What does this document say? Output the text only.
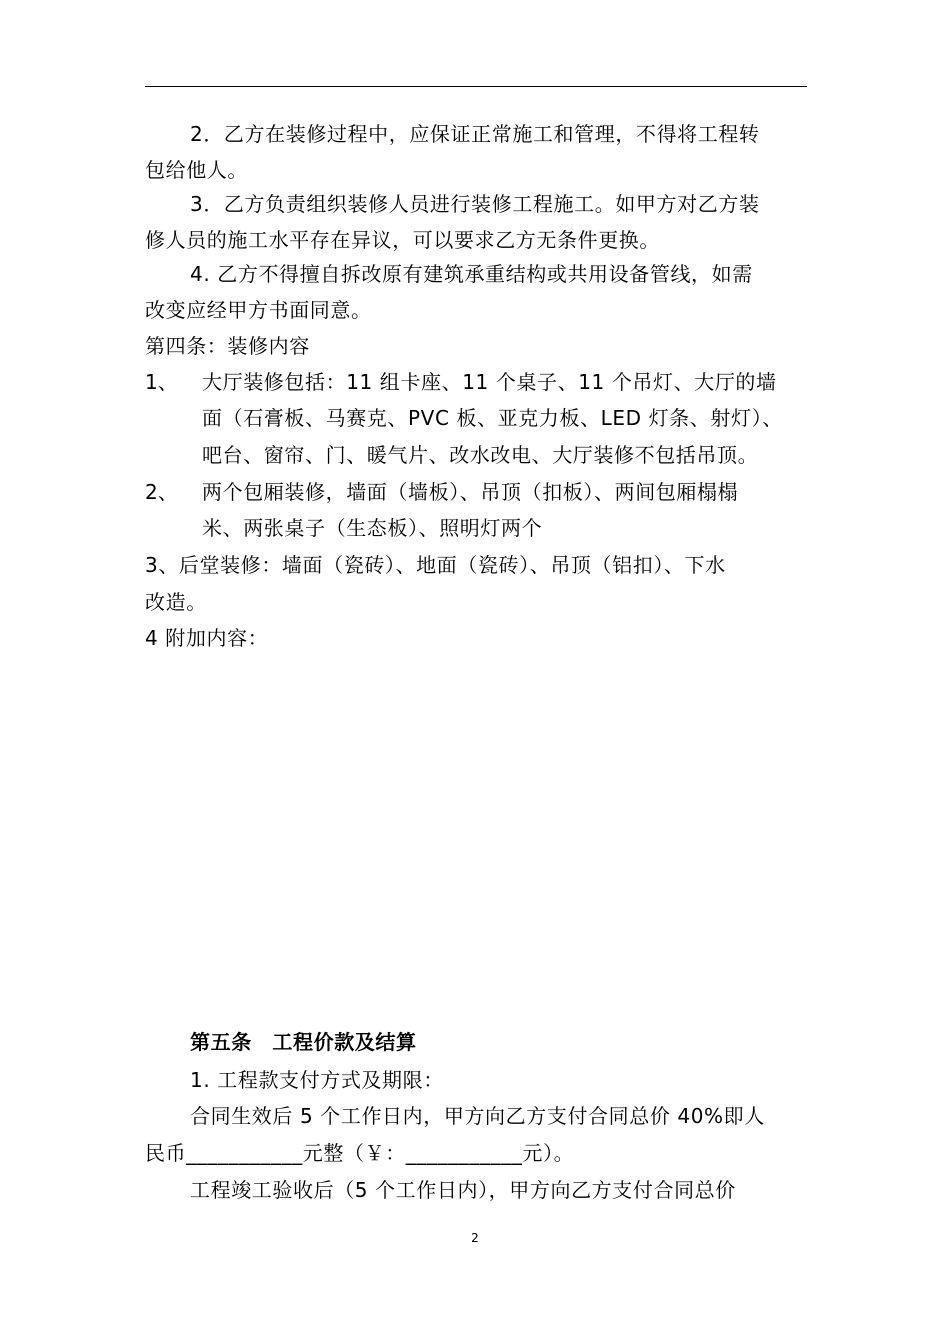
2．乙方在装修过程中，应保证正常施工和管理，不得将工程转
包给他人。
3．乙方负责组织装修人员进行装修工程施工。如甲方对乙方装
修人员的施工水平存在异议，可以要求乙方无条件更换。
4. 乙方不得擅自拆改原有建筑承重结构或共用设备管线，如需
改变应经甲方书面同意。
第四条：装修内容
1、 大厅装修包括：11 组卡座、11 个桌子、11 个吊灯、大厅的墙
面（石膏板、马赛克、PVC 板、亚克力板、LED 灯条、射灯）、
吧台、窗帘、门、暖气片、改水改电、大厅装修不包括吊顶。
2、 两个包厢装修，墙面（墙板）、吊顶（扣板）、两间包厢榻榻
米、两张桌子（生态板）、照明灯两个
3、后堂装修：墙面（瓷砖）、地面（瓷砖）、吊顶（铝扣）、下水
改造。
4 附加内容：
第五条　工程价款及结算
1. 工程款支付方式及期限：
合同生效后 5 个工作日内，甲方向乙方支付合同总价 40%即人
民币___________元整（￥：___________元）。
工程竣工验收后（5 个工作日内），甲方向乙方支付合同总价
2
